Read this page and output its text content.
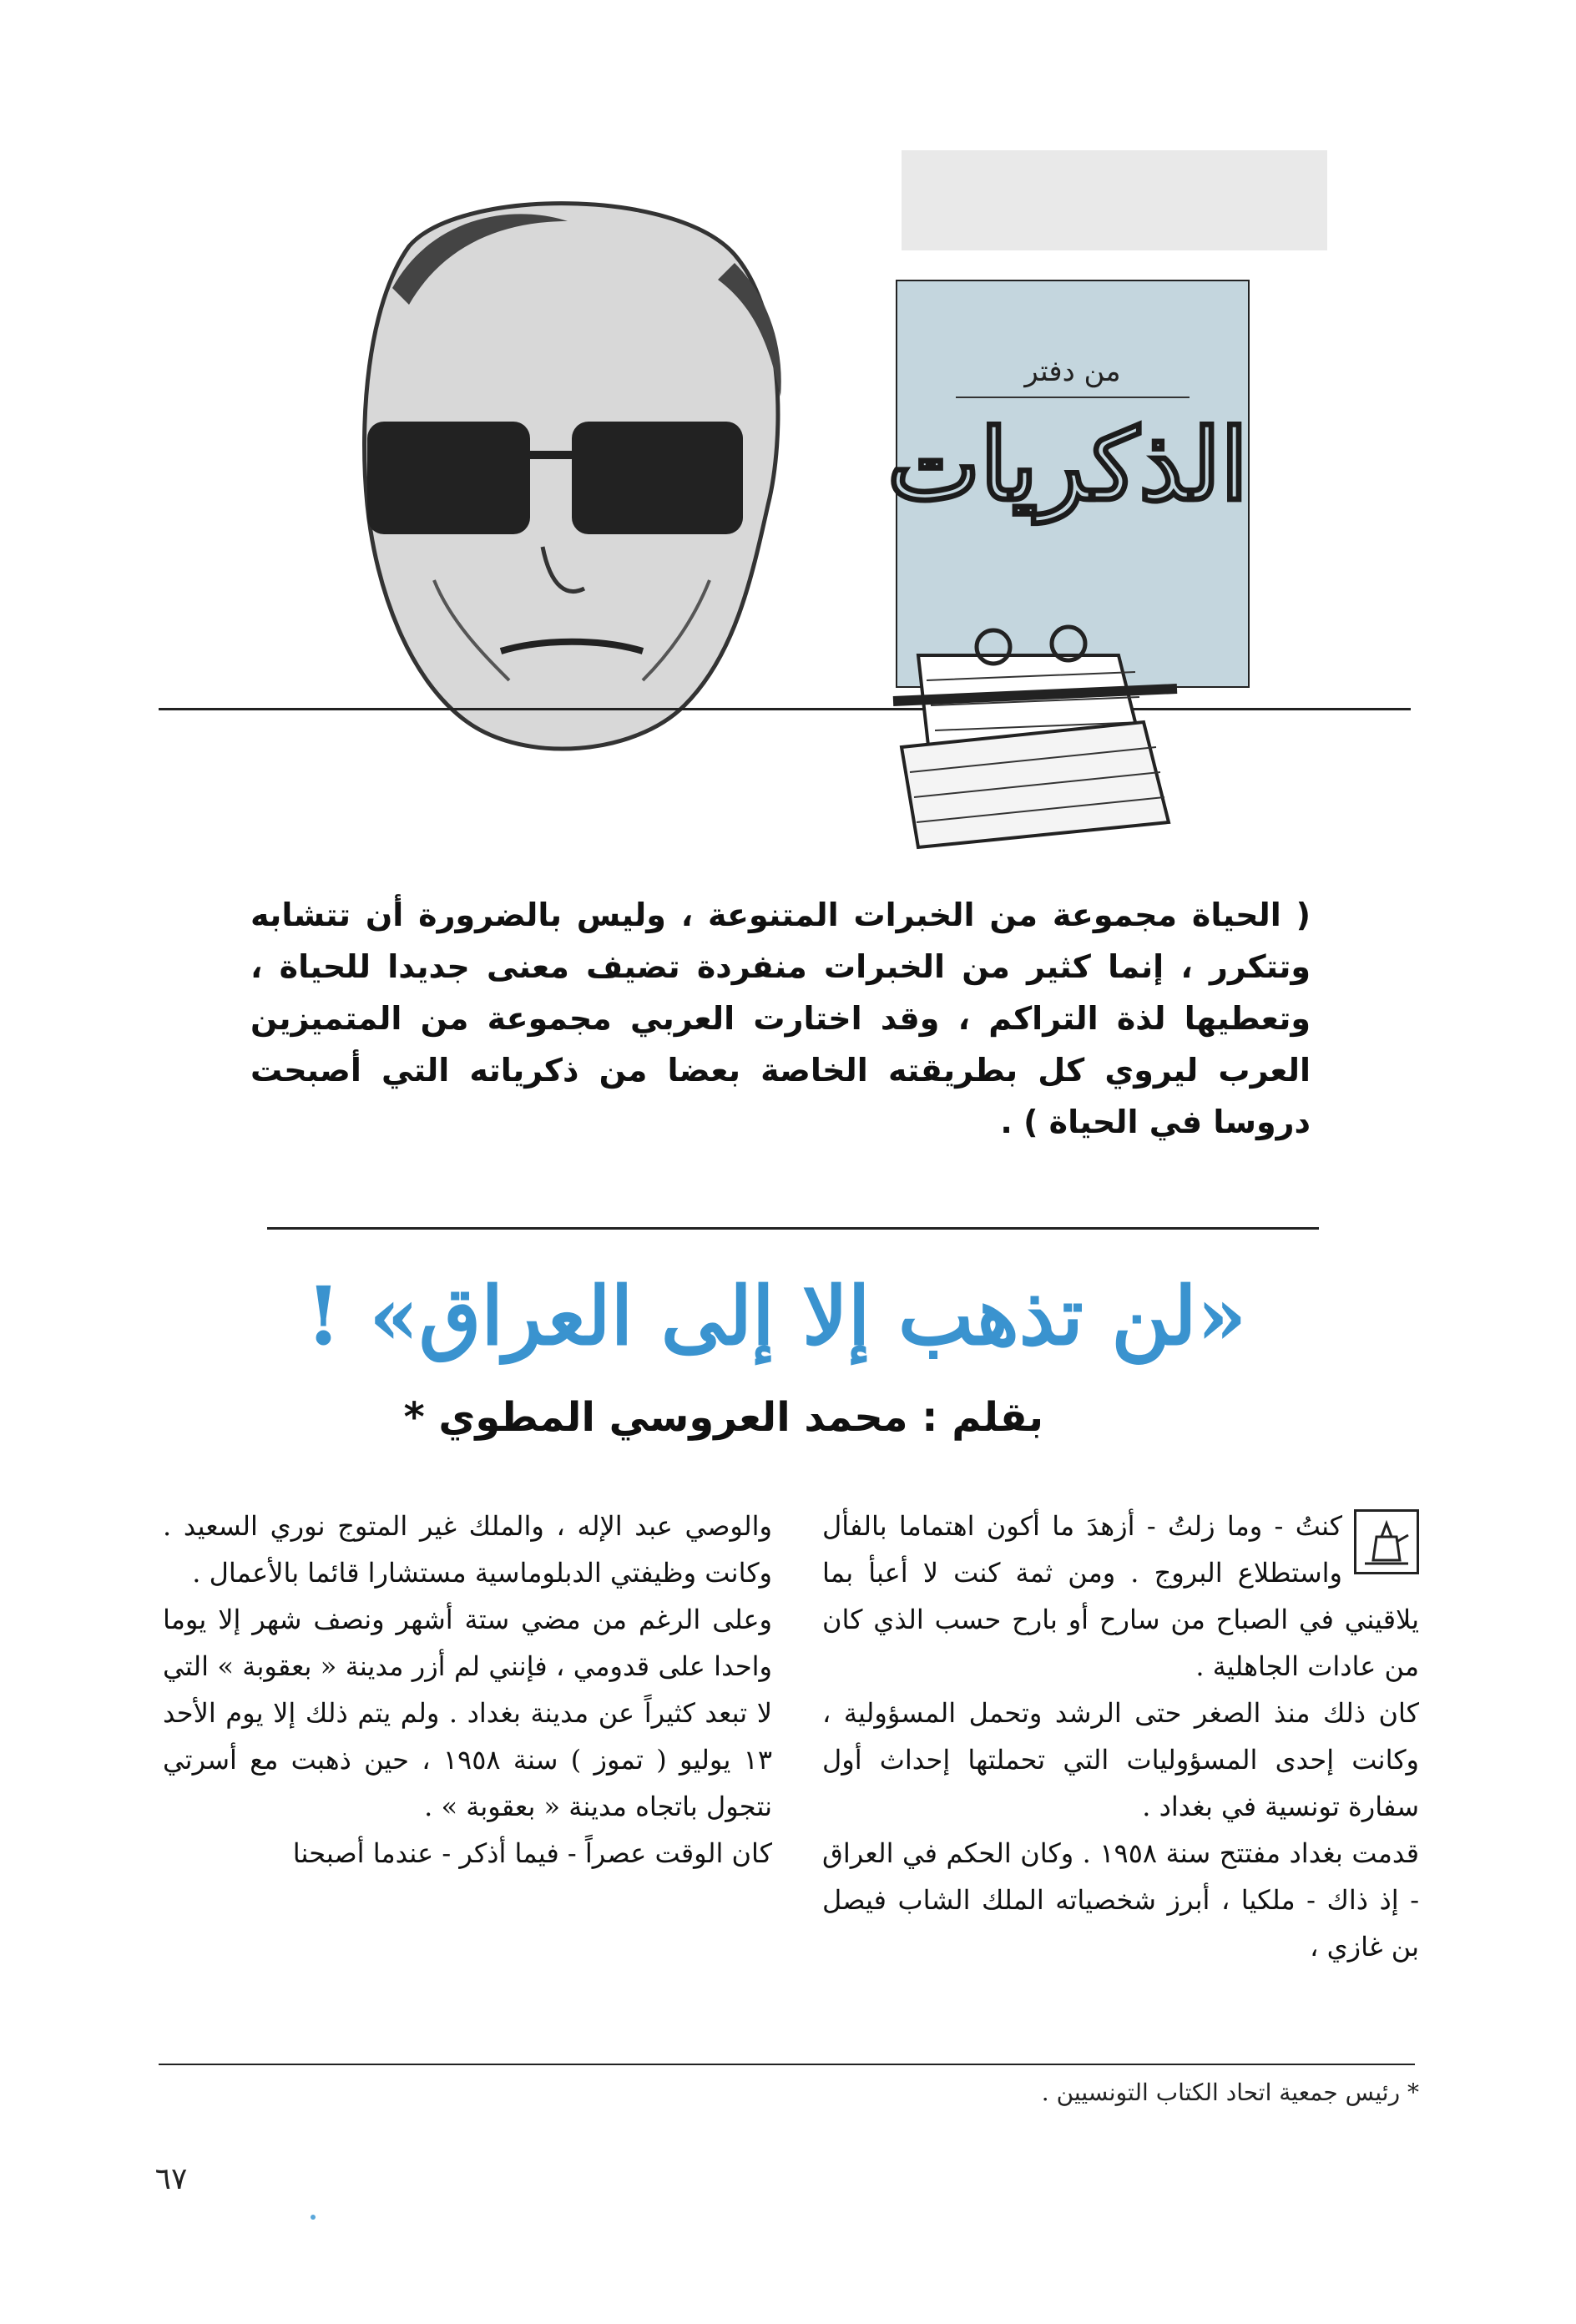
من دفتر
الذكريات
( الحياة مجموعة من الخبرات المتنوعة ، وليس بالضرورة أن تتشابه وتتكرر ، إنما كثير من الخبرات منفردة تضيف معنى جديدا للحياة ، وتعطيها لذة التراكم ، وقد اختارت العربي مجموعة من المتميزين العرب ليروي كل بطريقته الخاصة بعضا من ذكرياته التي أصبحت دروسا في الحياة ) .
«لن تذهب إلا إلى العراق» !
بقلم : محمد العروسي المطوي *

كنتُ - وما زلتُ - أزهدَ ما أكون اهتماما بالفأل واستطلاع البروج . ومن ثمة كنت لا أعبأ بما يلاقيني في الصباح من سارح أو بارح حسب الذي كان من عادات الجاهلية .

كان ذلك منذ الصغر حتى الرشد وتحمل المسؤولية ، وكانت إحدى المسؤوليات التي تحملتها إحداث أول سفارة تونسية في بغداد .

قدمت بغداد مفتتح سنة ١٩٥٨ . وكان الحكم في العراق - إذ ذاك - ملكيا ، أبرز شخصياته الملك الشاب فيصل بن غازي ،

والوصي عبد الإله ، والملك غير المتوج نوري السعيد . وكانت وظيفتي الدبلوماسية مستشارا قائما بالأعمال .

وعلى الرغم من مضي ستة أشهر ونصف شهر إلا يوما واحدا على قدومي ، فإنني لم أزر مدينة « بعقوبة » التي لا تبعد كثيراً عن مدينة بغداد . ولم يتم ذلك إلا يوم الأحد ١٣ يوليو ( تموز ) سنة ١٩٥٨ ، حين ذهبت مع أسرتي نتجول باتجاه مدينة « بعقوبة » .

كان الوقت عصراً - فيما أذكر - عندما أصبحنا

* رئيس جمعية اتحاد الكتاب التونسيين .
٦٧
